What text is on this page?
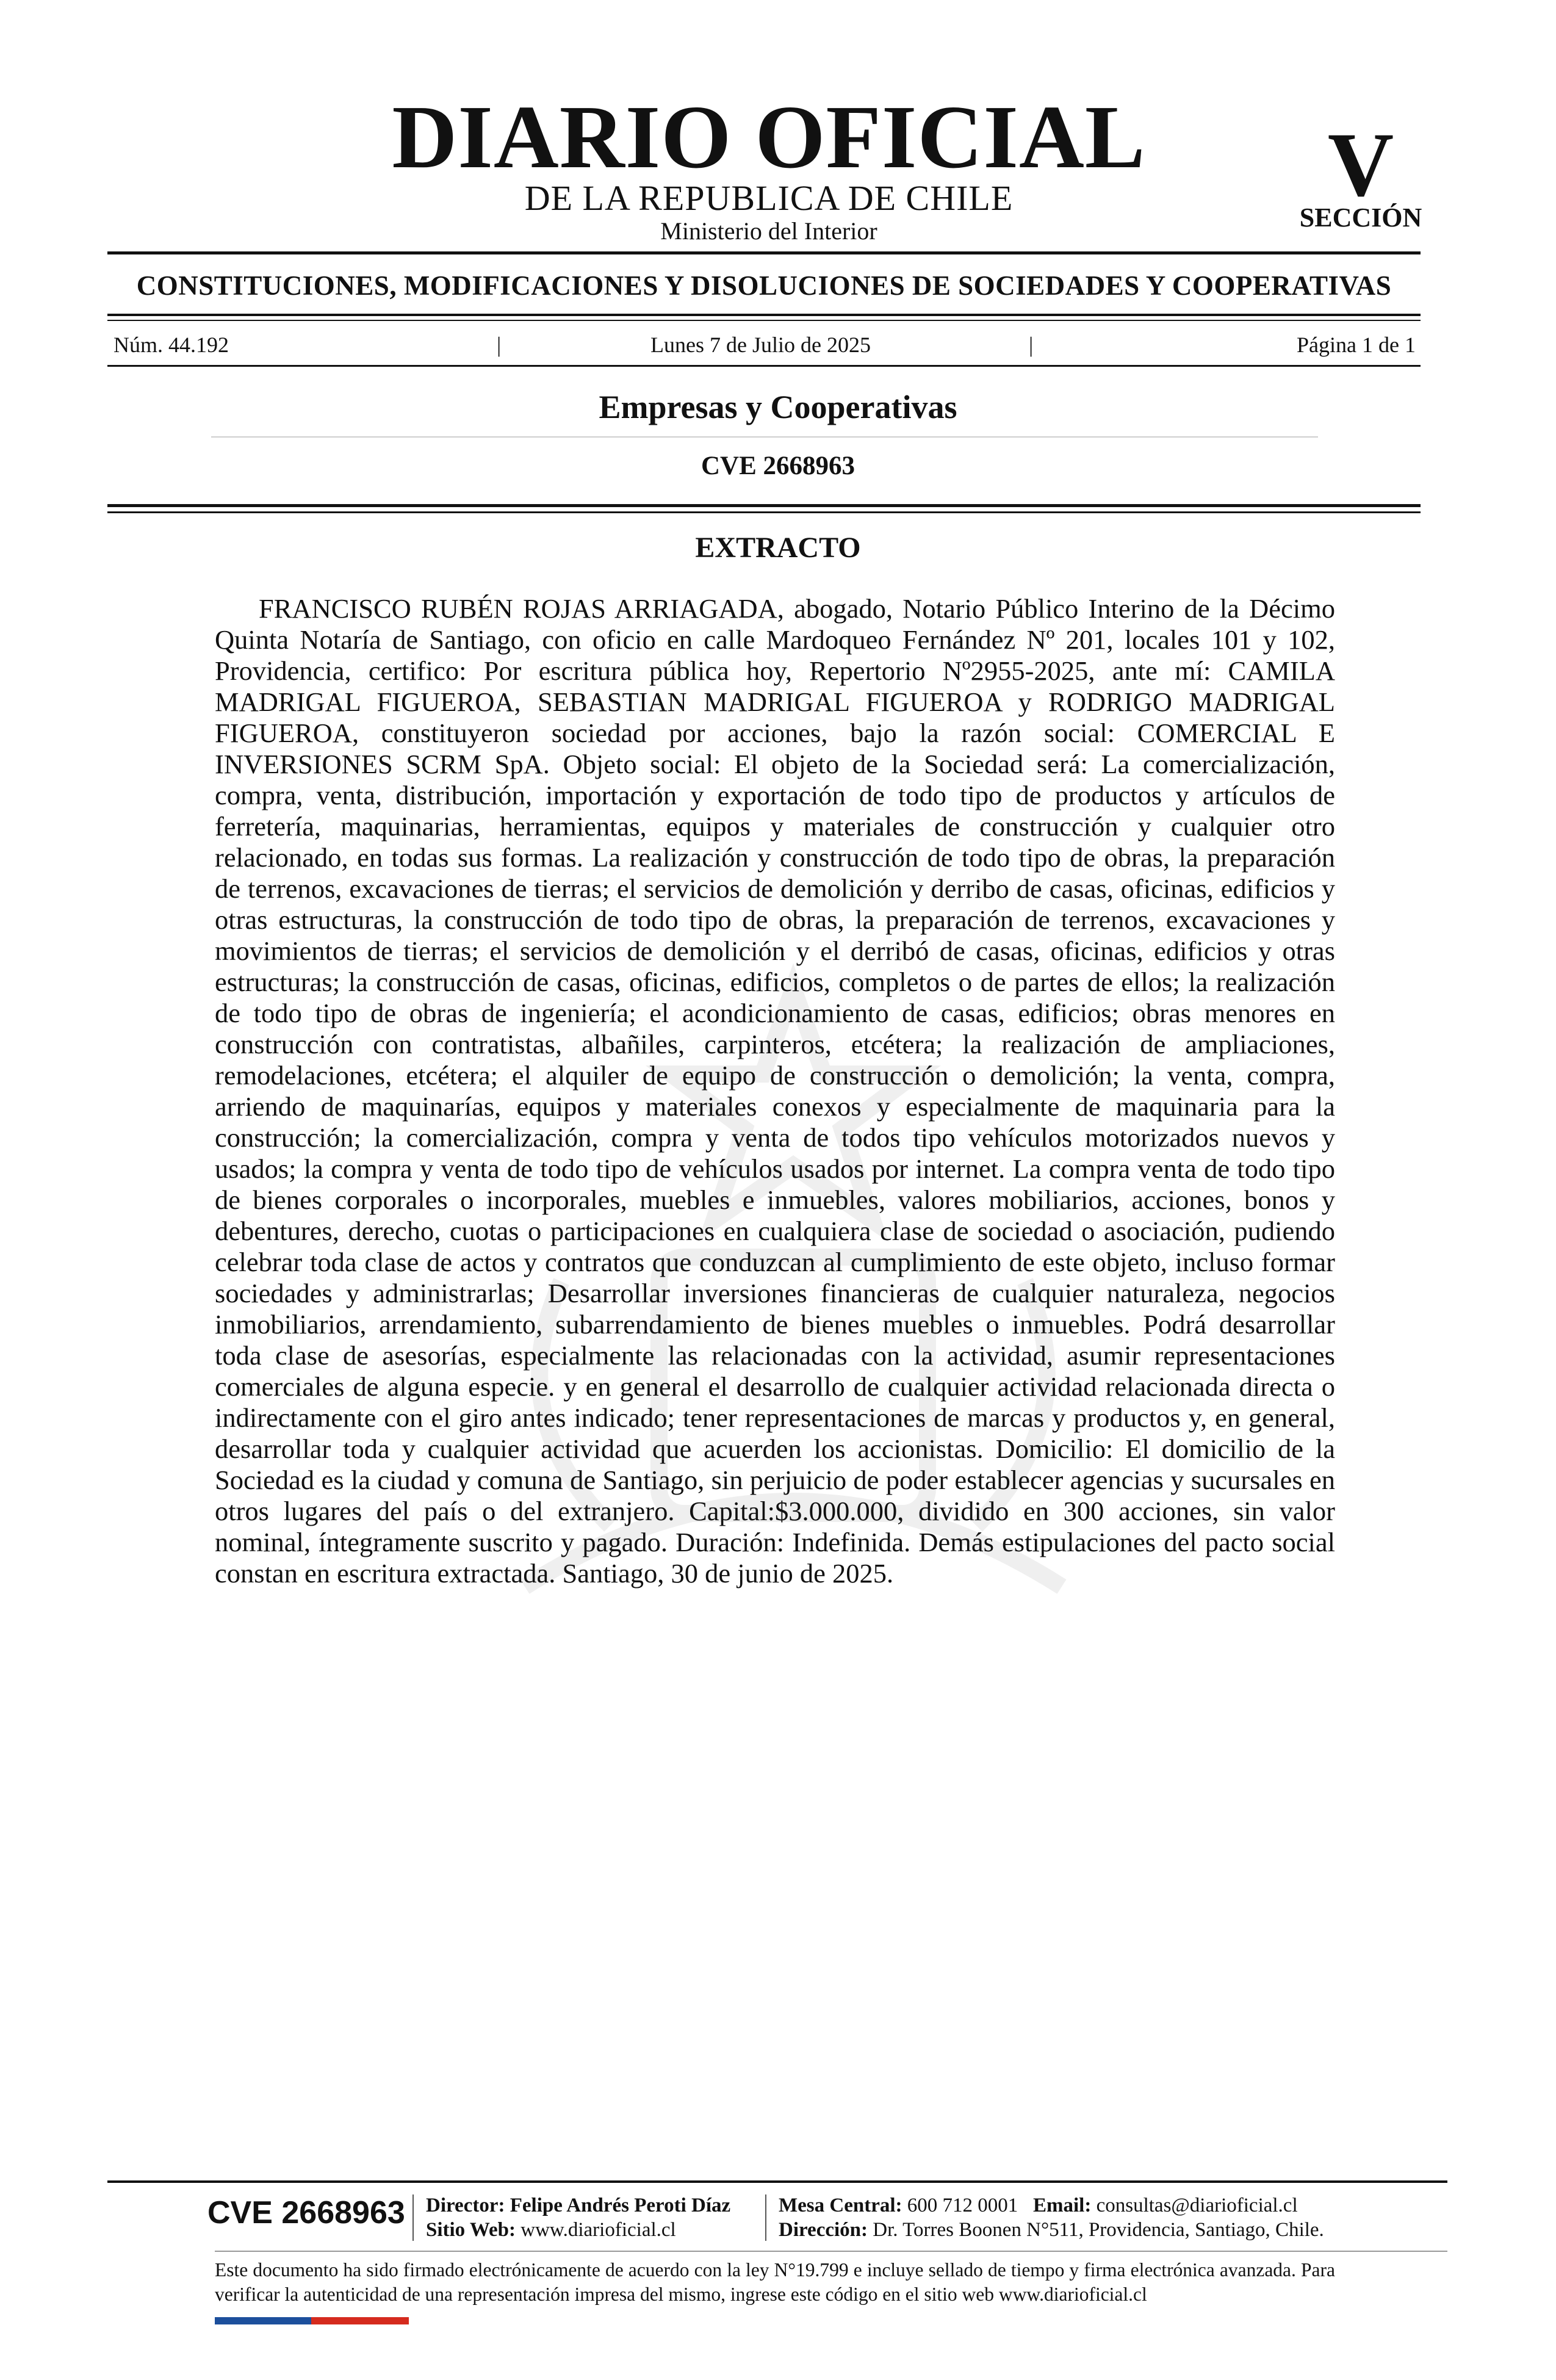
DIARIO OFICIAL
DE LA REPUBLICA DE CHILE
Ministerio del Interior
V
SECCIÓN
CONSTITUCIONES, MODIFICACIONES Y DISOLUCIONES DE SOCIEDADES Y COOPERATIVAS
Núm. 44.192	|	Lunes 7 de Julio de 2025	|	Página 1 de 1
Empresas y Cooperativas
CVE 2668963
EXTRACTO
FRANCISCO RUBÉN ROJAS ARRIAGADA, abogado, Notario Público Interino de la Décimo Quinta Notaría de Santiago, con oficio en calle Mardoqueo Fernández Nº 201, locales 101 y 102, Providencia, certifico: Por escritura pública hoy, Repertorio Nº2955-2025, ante mí: CAMILA MADRIGAL FIGUEROA, SEBASTIAN MADRIGAL FIGUEROA y RODRIGO MADRIGAL FIGUEROA, constituyeron sociedad por acciones, bajo la razón social: COMERCIAL E INVERSIONES SCRM SpA. Objeto social: El objeto de la Sociedad será: La comercialización, compra, venta, distribución, importación y exportación de todo tipo de productos y artículos de ferretería, maquinarias, herramientas, equipos y materiales de construcción y cualquier otro relacionado, en todas sus formas. La realización y construcción de todo tipo de obras, la preparación de terrenos, excavaciones de tierras; el servicios de demolición y derribo de casas, oficinas, edificios y otras estructuras, la construcción de todo tipo de obras, la preparación de terrenos, excavaciones y movimientos de tierras; el servicios de demolición y el derribó de casas, oficinas, edificios y otras estructuras; la construcción de casas, oficinas, edificios, completos o de partes de ellos; la realización de todo tipo de obras de ingeniería; el acondicionamiento de casas, edificios; obras menores en construcción con contratistas, albañiles, carpinteros, etcétera; la realización de ampliaciones, remodelaciones, etcétera; el alquiler de equipo de construcción o demolición; la venta, compra, arriendo de maquinarías, equipos y materiales conexos y especialmente de maquinaria para la construcción; la comercialización, compra y venta de todos tipo vehículos motorizados nuevos y usados; la compra y venta de todo tipo de vehículos usados por internet. La compra venta de todo tipo de bienes corporales o incorporales, muebles e inmuebles, valores mobiliarios, acciones, bonos y debentures, derecho, cuotas o participaciones en cualquiera clase de sociedad o asociación, pudiendo celebrar toda clase de actos y contratos que conduzcan al cumplimiento de este objeto, incluso formar sociedades y administrarlas; Desarrollar inversiones financieras de cualquier naturaleza, negocios inmobiliarios, arrendamiento, subarrendamiento de bienes muebles o inmuebles. Podrá desarrollar toda clase de asesorías, especialmente las relacionadas con la actividad, asumir representaciones comerciales de alguna especie. y en general el desarrollo de cualquier actividad relacionada directa o indirectamente con el giro antes indicado; tener representaciones de marcas y productos y, en general, desarrollar toda y cualquier actividad que acuerden los accionistas. Domicilio: El domicilio de la Sociedad es la ciudad y comuna de Santiago, sin perjuicio de poder establecer agencias y sucursales en otros lugares del país o del extranjero. Capital:$3.000.000, dividido en 300 acciones, sin valor nominal, íntegramente suscrito y pagado. Duración: Indefinida. Demás estipulaciones del pacto social constan en escritura extractada. Santiago, 30 de junio de 2025.
CVE 2668963 Director: Felipe Andrés Peroti Díaz
Sitio Web: www.diarioficial.cl
Mesa Central: 600 712 0001 Email: consultas@diarioficial.cl
Dirección: Dr. Torres Boonen N°511, Providencia, Santiago, Chile.
Este documento ha sido firmado electrónicamente de acuerdo con la ley N°19.799 e incluye sellado de tiempo y firma electrónica avanzada. Para verificar la autenticidad de una representación impresa del mismo, ingrese este código en el sitio web www.diarioficial.cl
